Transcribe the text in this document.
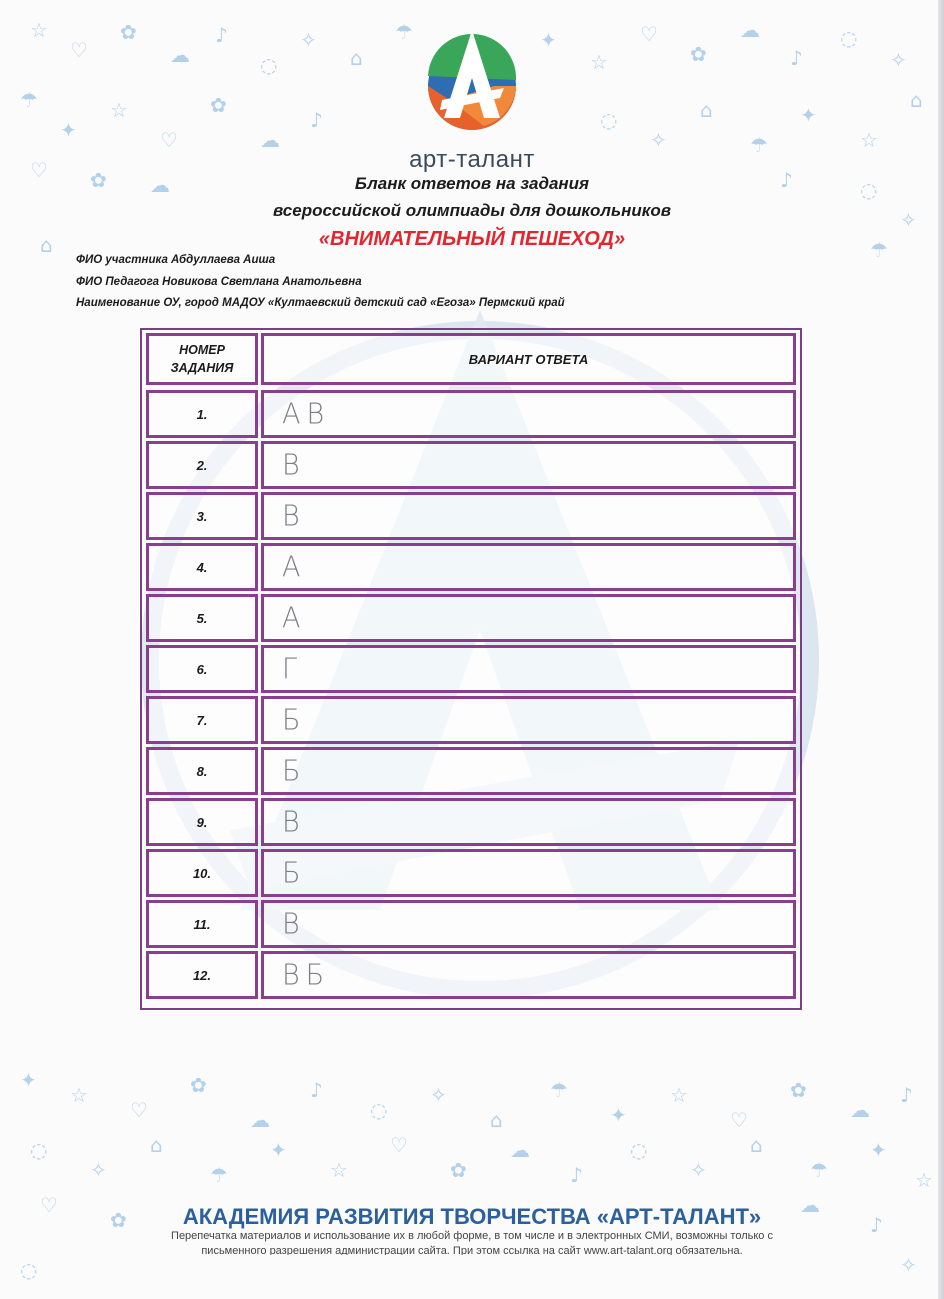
☆
♡
✿
☁
♪
◌
✧
⌂
☂	✦
☆
♡
✿
☁
♪
◌
✧
⌂
☂
✦
☆
♡
✿
☁
♪	◌
✧
⌂
☂
✦
☆
♡ ✿ ☁	♪	◌
✧
⌂	☂
✦
☆
♡
✿
☁
♪
◌
✧
⌂
☂
✦
☆
♡
✿
☁
♪
◌
✧
⌂
☂
✦
☆
♡
✿
☁
♪
◌
✧
⌂
☂
✦
☆
♡
✿
☁
♪
◌	✧
арт-талант
Бланк ответов на задания
всероссийской олимпиады для дошкольников
«ВНИМАТЕЛЬНЫЙ ПЕШЕХОД»
ФИО участника Абдуллаева Аиша
ФИО Педагога Новикова Светлана Анатольевна
Наименование ОУ, город МАДОУ «Култаевский детский сад «Егоза» Пермский край
НОМЕР
ЗАДАНИЯ
ВАРИАНТ ОТВЕТА
1.	АВ
2.	В
3.	В
4.	А
5.	А
6.	Г
7.	Б
8.	Б
9.	В
10.	Б
11.	В
12.	ВБ
АКАДЕМИЯ РАЗВИТИЯ ТВОРЧЕСТВА «АРТ-ТАЛАНТ»
Перепечатка материалов и использование их в любой форме, в том числе и в электронных СМИ, возможны только с
письменного разрешения администрации сайта. При этом ссылка на сайт www.art-talant.org обязательна.
